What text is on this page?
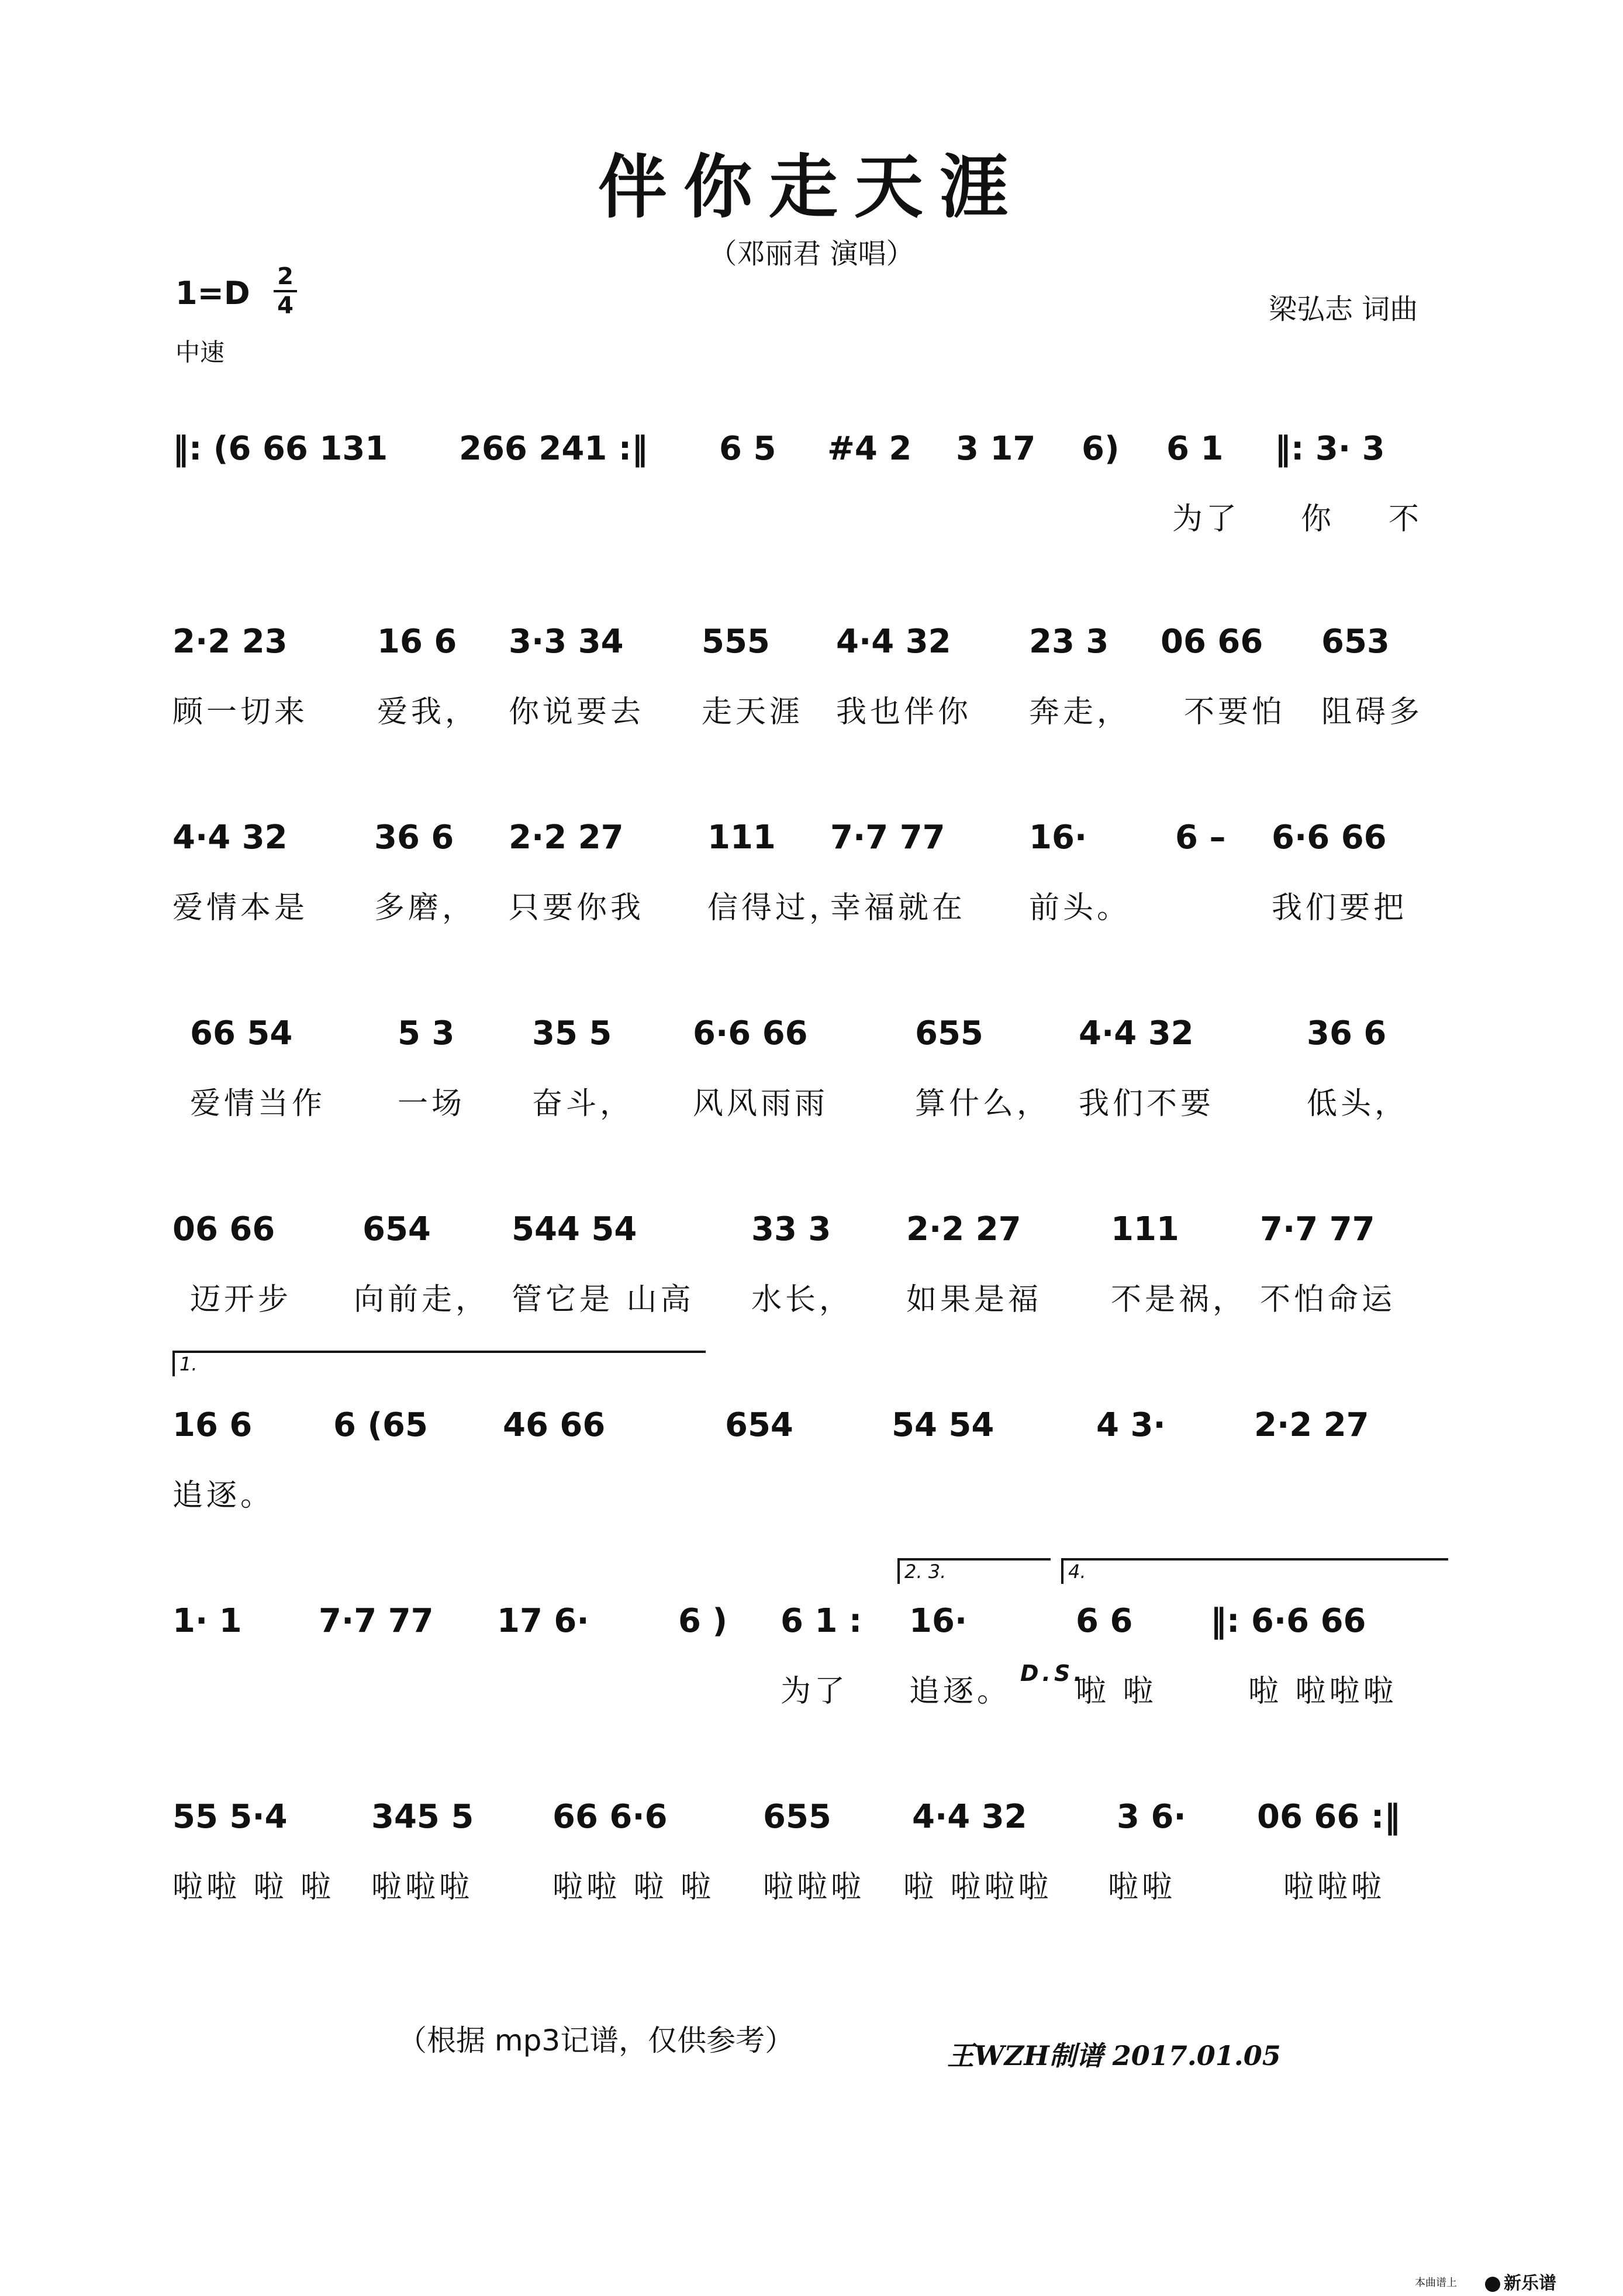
伴你走天涯
（邓丽君 演唱）
1=D 2
4
中速
梁弘志 词曲
‖: (6 66 131 266 241 :‖ 6 5 #4 2 3 17 6) 6 1 ‖: 3· 3
为了 你 不
2·2 23	16 6 3·3 34 555 4·4 32 23 3 06 66 653
顾一切来 爱我， 你说要去 走天涯 我也伴你 奔走， 不要怕 阻碍多
4·4 32	36 6 2·2 27	111 7·7 77	16·	6 – 6·6 66
爱情本是 多磨， 只要你我 信得过，
幸福就在 前头。	我们要把
66 54	5 3 35 5 6·6 66	655	4·4 32	36 6
爱情当作 一场 奋斗， 风风雨雨	算什么， 我们不要	低头，
06 66	654 544 54	33 3 2·2 27	111 7·7 77
迈开步 向前走， 管它是 山高 水长， 如果是福 不是祸， 不怕命运
1.
16 6 6 (65 46 66	654	54 54	4 3·	2·2 27
追逐。
2. 3.	4.
1· 1 7·7 77 17 6·	6 ) 6 1 : 16·	6 6 ‖: 6·6 66
为了 追逐。
D.S.
啦 啦	啦 啦啦啦
55 5·4	345 5 66 6·6	655 4·4 32	3 6· 06 66 :‖
啦啦 啦 啦 啦啦啦	啦啦 啦 啦 啦啦啦 啦 啦啦啦 啦啦	啦啦啦
（根据 mp3记谱，仅供参考）	王WZH制谱 2017.01.05
本曲谱上	新乐谱
